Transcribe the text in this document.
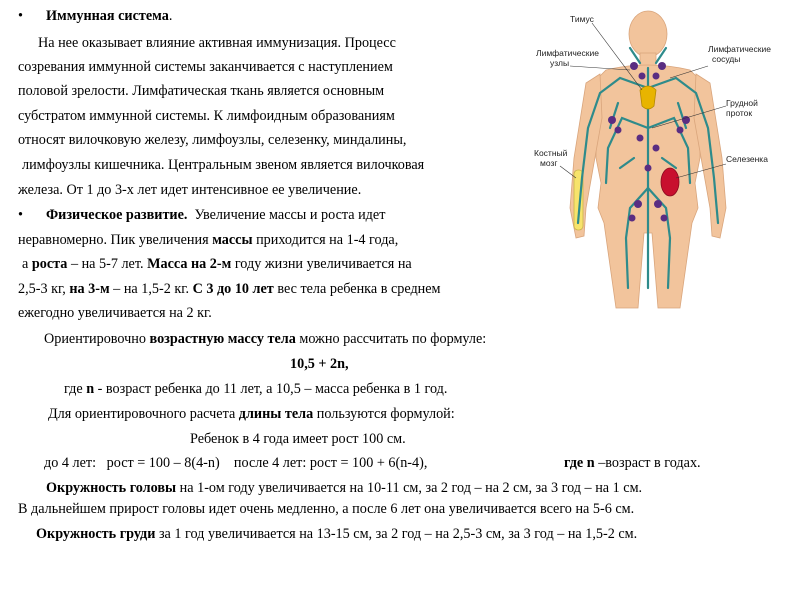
• Иммунная система.
На нее оказывает влияние активная иммунизация. Процесс
созревания иммунной системы заканчивается с наступлением
половой зрелости. Лимфатическая ткань является основным
субстратом иммунной системы. К лимфоидным образованиям
относят вилочковую железу, лимфоузлы, селезенку, миндалины,
лимфоузлы кишечника. Центральным звеном является вилочковая
железа. От 1 до 3-х лет идет интенсивное ее увеличение.
• Физическое развитие. Увеличение массы и роста идет
неравномерно. Пик увеличения массы приходится на 1-4 года,
а роста – на 5-7 лет. Масса на 2-м году жизни увеличивается на
2,5-3 кг, на 3-м – на 1,5-2 кг. С 3 до 10 лет вес тела ребенка в среднем
ежегодно увеличивается на 2 кг.
Ориентировочно возрастную массу тела можно рассчитать по формуле:
10,5 + 2n,
где n - возраст ребенка до 11 лет, а 10,5 – масса ребенка в 1 год.
Для ориентировочного расчета длины тела пользуются формулой:
Ребенок в 4 года имеет рост 100 см.
до 4 лет:   рост = 100 – 8(4-n)    после 4 лет: рост = 100 + 6(n-4),	где n –возраст в годах.
Окружность головы на 1-ом году увеличивается на 10-11 см, за 2 год – на 2 см, за 3 год – на 1 см.
В дальнейшем прирост головы идет очень медленно, а после 6 лет она увеличивается всего на 5-6 см.
Окружность груди за 1 год увеличивается на 13-15 см, за 2 год – на 2,5-3 см, за 3 год – на 1,5-2 см.
Тимус
Лимфатические
узлы
Лимфатические
сосуды
Грудной
проток
Костный
мозг	Селезенка
